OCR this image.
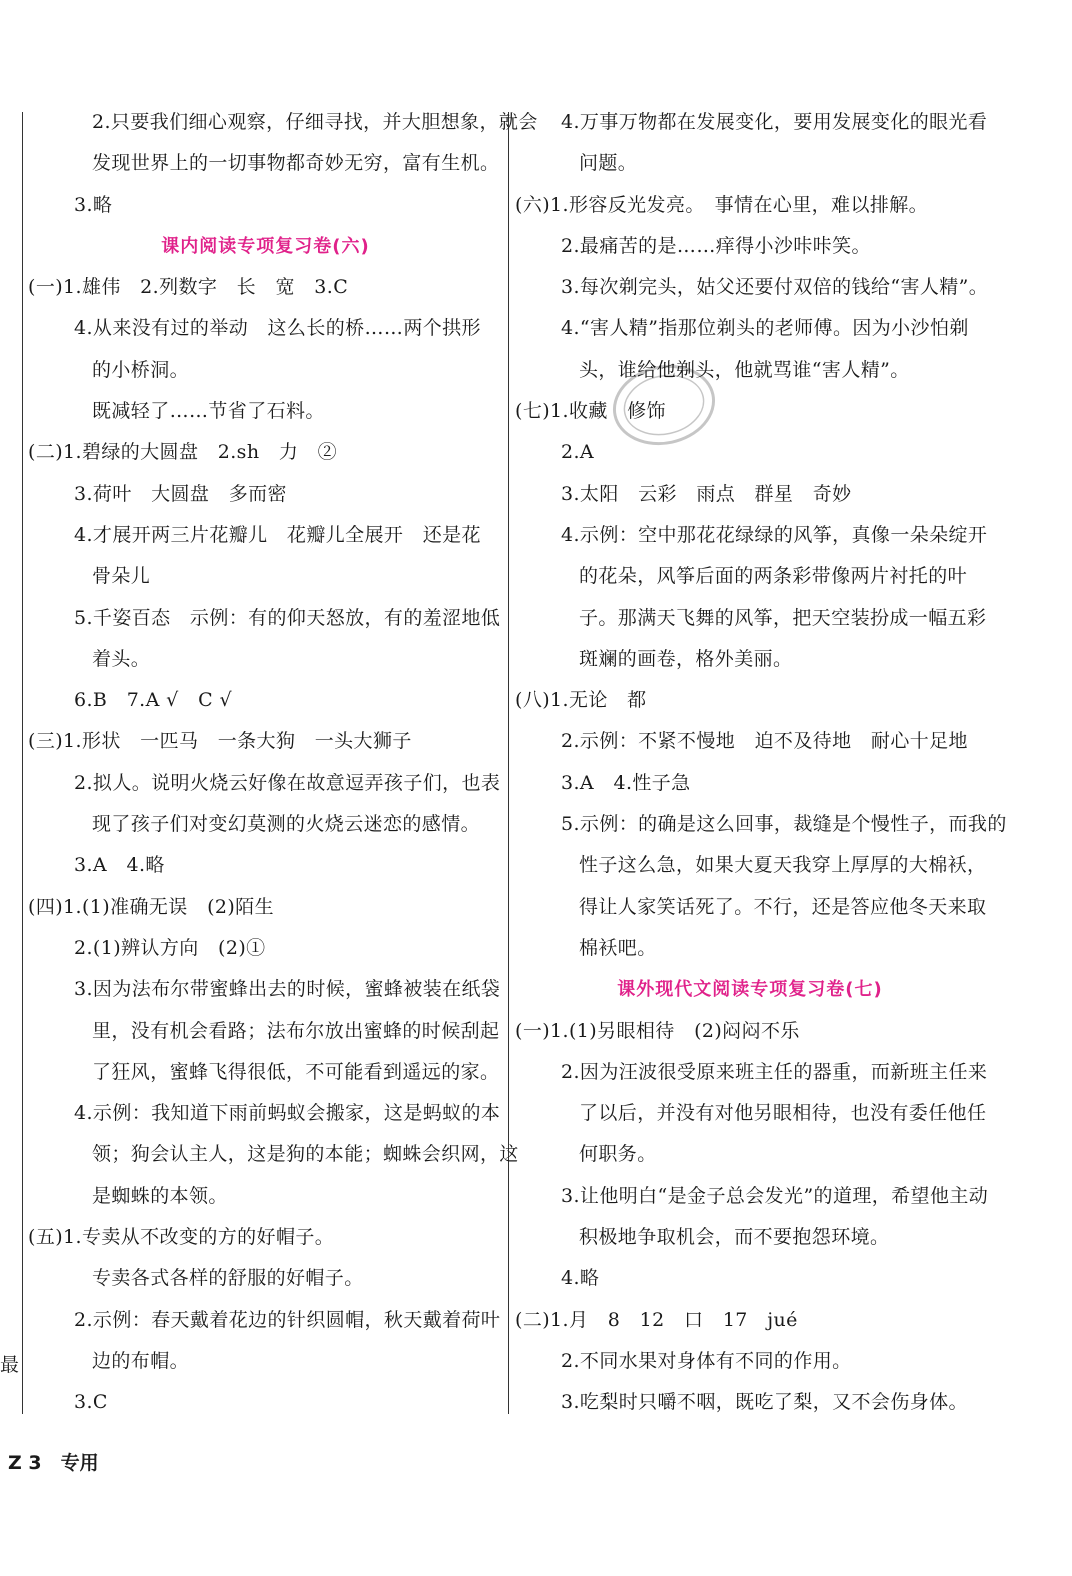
2.只要我们细心观察，仔细寻找，并大胆想象，就会
发现世界上的一切事物都奇妙无穷，富有生机。
3.略
课内阅读专项复习卷(六)
(一)1.雄伟　2.列数字　长　宽　3.C
4.从来没有过的举动　这么长的桥……两个拱形
的小桥洞。
既减轻了……节省了石料。
(二)1.碧绿的大圆盘　2.sh　力　②
3.荷叶　大圆盘　多而密
4.才展开两三片花瓣儿　花瓣儿全展开　还是花
骨朵儿
5.千姿百态　示例：有的仰天怒放，有的羞涩地低
着头。
6.B　7.A √　C √
(三)1.形状　一匹马　一条大狗　一头大狮子
2.拟人。说明火烧云好像在故意逗弄孩子们，也表
现了孩子们对变幻莫测的火烧云迷恋的感情。
3.A　4.略
(四)1.(1)准确无误　(2)陌生
2.(1)辨认方向　(2)①
3.因为法布尔带蜜蜂出去的时候，蜜蜂被装在纸袋
里，没有机会看路；法布尔放出蜜蜂的时候刮起
了狂风，蜜蜂飞得很低，不可能看到遥远的家。
4.示例：我知道下雨前蚂蚁会搬家，这是蚂蚁的本
领；狗会认主人，这是狗的本能；蜘蛛会织网，这
是蜘蛛的本领。
(五)1.专卖从不改变的方的好帽子。
专卖各式各样的舒服的好帽子。
2.示例：春天戴着花边的针织圆帽，秋天戴着荷叶
边的布帽。
3.C
4.万事万物都在发展变化，要用发展变化的眼光看
问题。
(六)1.形容反光发亮。　事情在心里，难以排解。
2.最痛苦的是……痒得小沙咔咔笑。
3.每次剃完头，姑父还要付双倍的钱给“害人精”。
4.“害人精”指那位剃头的老师傅。因为小沙怕剃
头，谁给他剃头，他就骂谁“害人精”。
(七)1.收藏　修饰
2.A
3.太阳　云彩　雨点　群星　奇妙
4.示例：空中那花花绿绿的风筝，真像一朵朵绽开
的花朵，风筝后面的两条彩带像两片衬托的叶
子。那满天飞舞的风筝，把天空装扮成一幅五彩
斑斓的画卷，格外美丽。
(八)1.无论　都
2.示例：不紧不慢地　迫不及待地　耐心十足地
3.A　4.性子急
5.示例：的确是这么回事，裁缝是个慢性子，而我的
性子这么急，如果大夏天我穿上厚厚的大棉袄，
得让人家笑话死了。不行，还是答应他冬天来取
棉袄吧。
课外现代文阅读专项复习卷(七)
(一)1.(1)另眼相待　(2)闷闷不乐
2.因为汪波很受原来班主任的器重，而新班主任来
了以后，并没有对他另眼相待，也没有委任他任
何职务。
3.让他明白“是金子总会发光”的道理，希望他主动
积极地争取机会，而不要抱怨环境。
4.略
(二)1.月　8　12　口　17　jué
2.不同水果对身体有不同的作用。
3.吃梨时只嚼不咽，既吃了梨，又不会伤身体。
最
Z 3　专用
